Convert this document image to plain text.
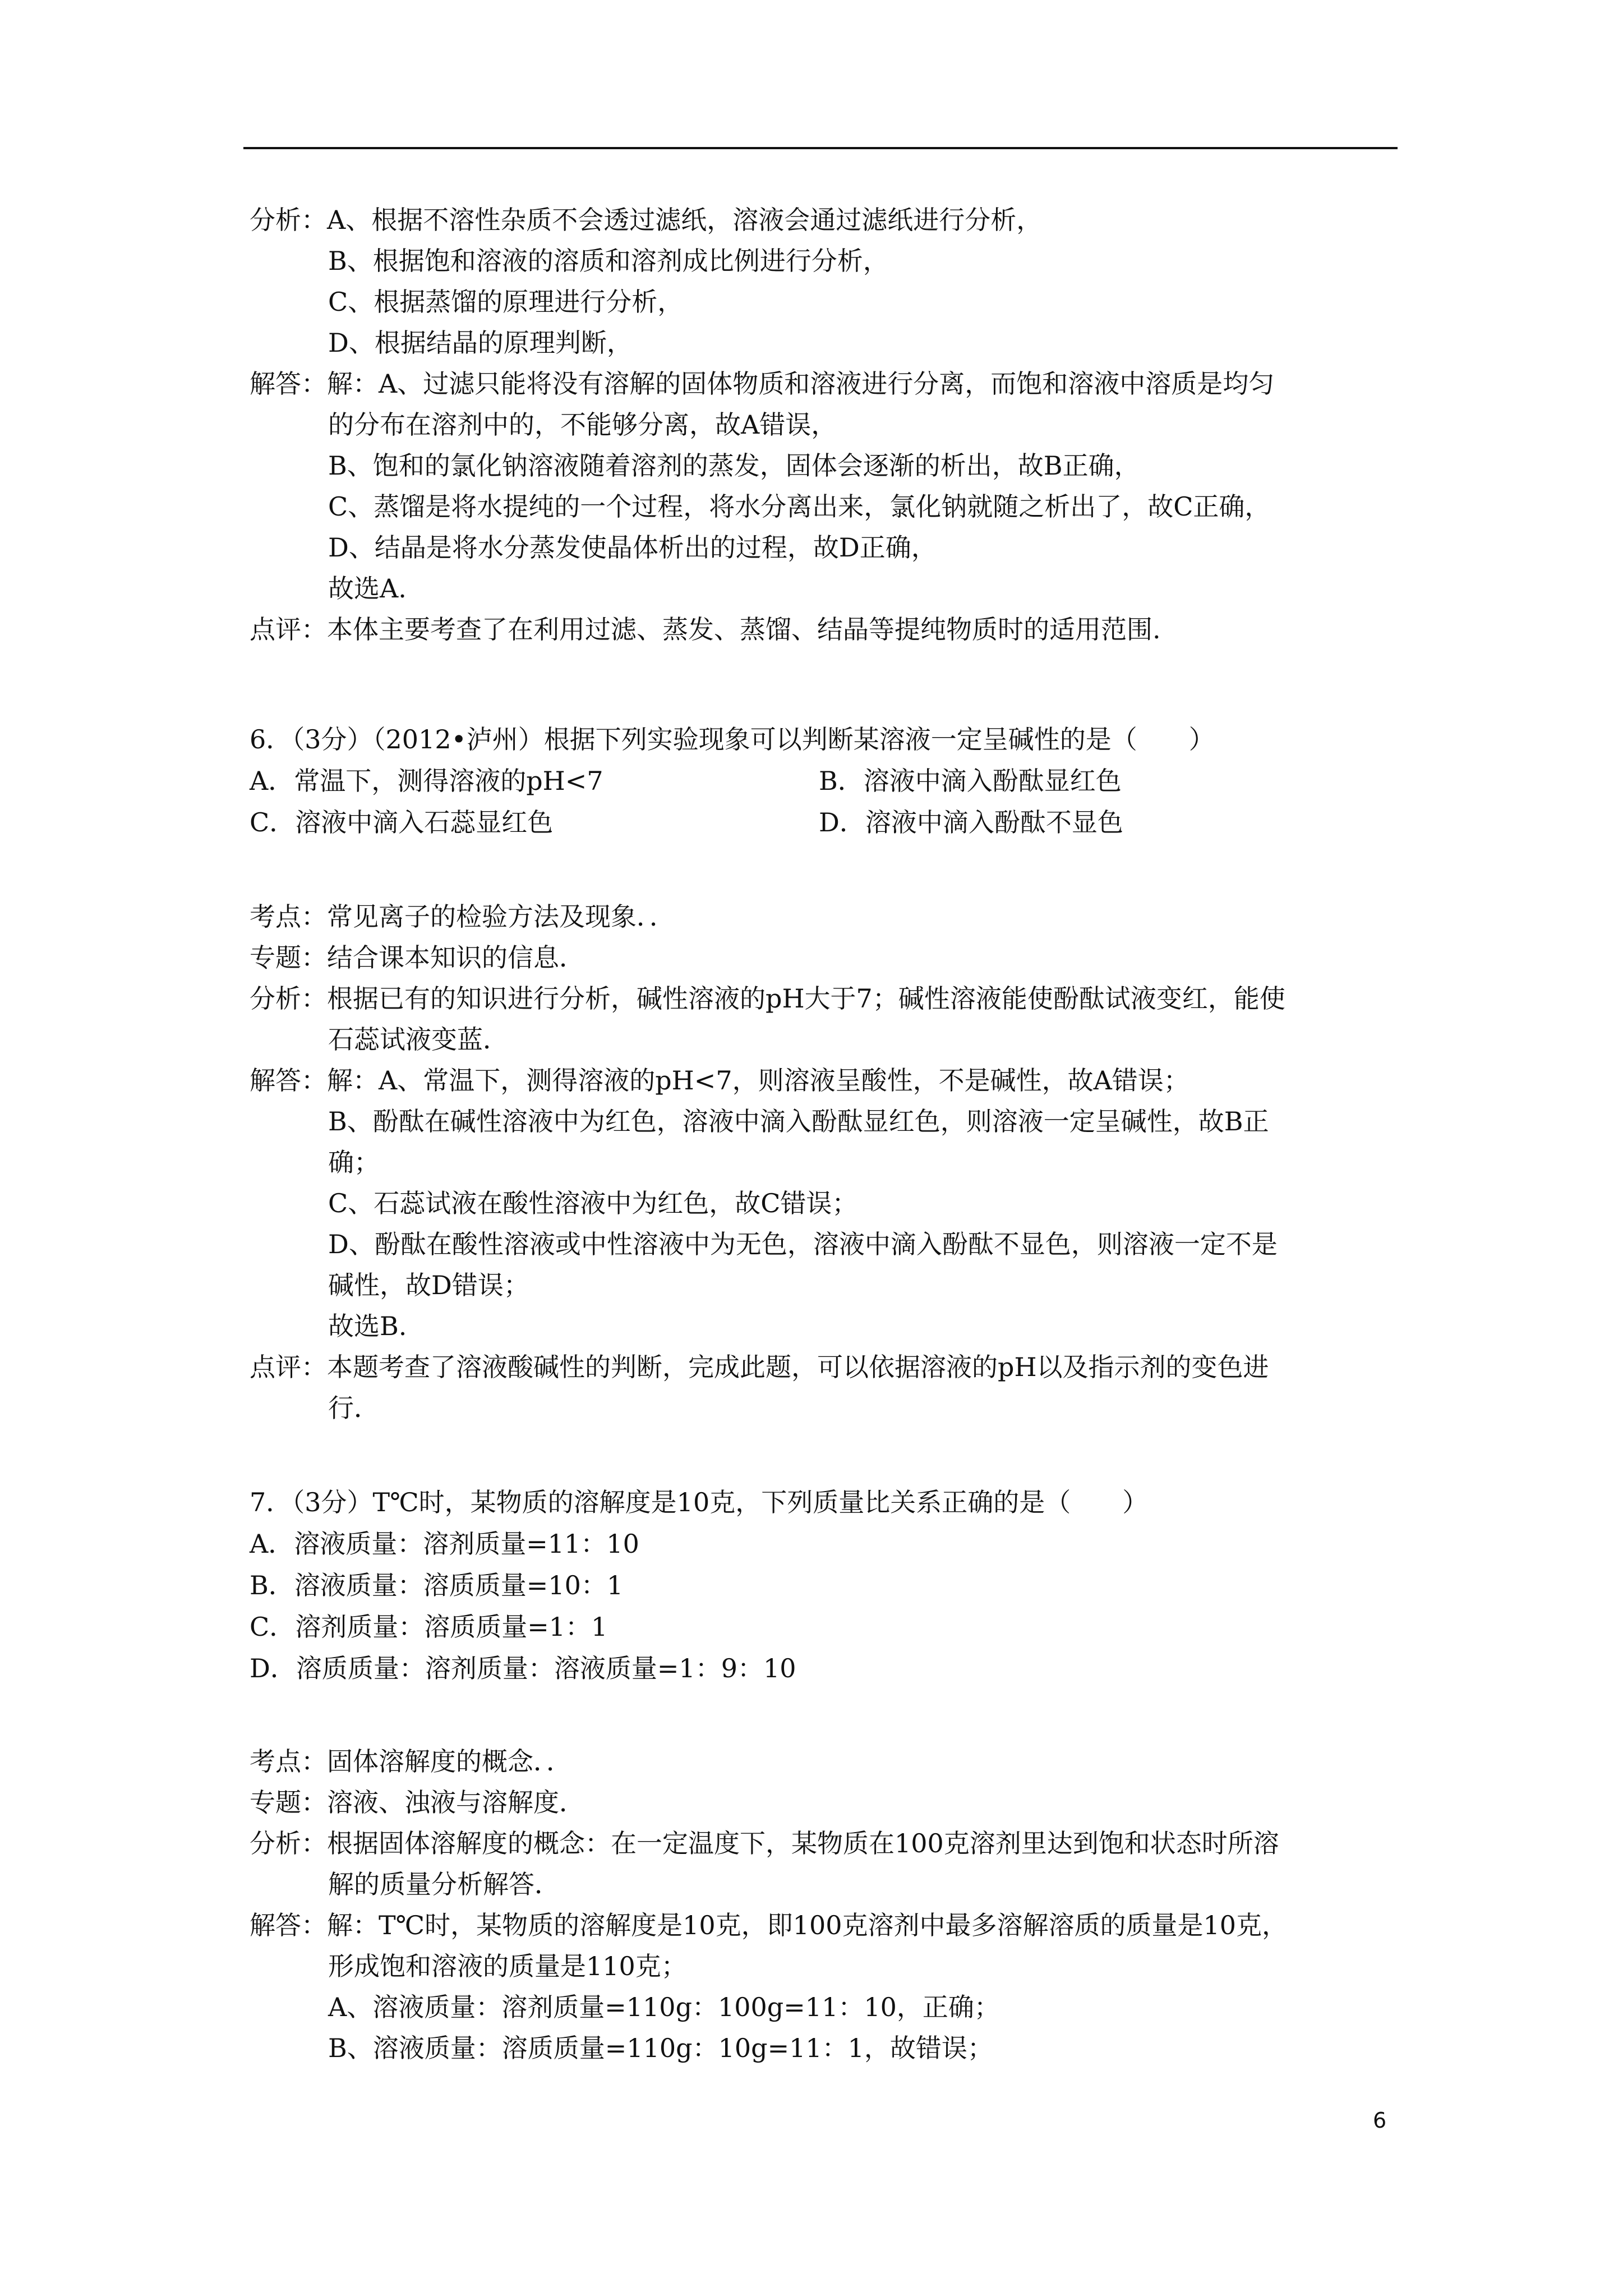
分析：A、根据不溶性杂质不会透过滤纸，溶液会通过滤纸进行分析，
B、根据饱和溶液的溶质和溶剂成比例进行分析，
C、根据蒸馏的原理进行分析，
D、根据结晶的原理判断，
解答：解：A、过滤只能将没有溶解的固体物质和溶液进行分离，而饱和溶液中溶质是均匀
的分布在溶剂中的，不能够分离，故A错误，
B、饱和的氯化钠溶液随着溶剂的蒸发，固体会逐渐的析出，故B正确，
C、蒸馏是将水提纯的一个过程，将水分离出来，氯化钠就随之析出了，故C正确，
D、结晶是将水分蒸发使晶体析出的过程，故D正确，
故选A.
点评：本体主要考查了在利用过滤、蒸发、蒸馏、结晶等提纯物质时的适用范围.
6．（3分）（2012•泸州）根据下列实验现象可以判断某溶液一定呈碱性的是（　　）
A．常温下，测得溶液的pH<7	B．溶液中滴入酚酞显红色
C．溶液中滴入石蕊显红色	D．溶液中滴入酚酞不显色
考点：常见离子的检验方法及现象．．
专题：结合课本知识的信息．
分析：根据已有的知识进行分析，碱性溶液的pH大于7；碱性溶液能使酚酞试液变红，能使
石蕊试液变蓝．
解答：解：A、常温下，测得溶液的pH<7，则溶液呈酸性，不是碱性，故A错误；
B、酚酞在碱性溶液中为红色，溶液中滴入酚酞显红色，则溶液一定呈碱性，故B正
确；
C、石蕊试液在酸性溶液中为红色，故C错误；
D、酚酞在酸性溶液或中性溶液中为无色，溶液中滴入酚酞不显色，则溶液一定不是
碱性，故D错误；
故选B.
点评：本题考查了溶液酸碱性的判断，完成此题，可以依据溶液的pH以及指示剂的变色进
行．
7．（3分）T℃时，某物质的溶解度是10克，下列质量比关系正确的是（　　）
A．溶液质量：溶剂质量=11：10
B．溶液质量：溶质质量=10：1
C．溶剂质量：溶质质量=1：1
D．溶质质量：溶剂质量：溶液质量=1：9：10
考点：固体溶解度的概念．．
专题：溶液、浊液与溶解度．
分析：根据固体溶解度的概念：在一定温度下，某物质在100克溶剂里达到饱和状态时所溶
解的质量分析解答．
解答：解：T℃时，某物质的溶解度是10克，即100克溶剂中最多溶解溶质的质量是10克，
形成饱和溶液的质量是110克；
A、溶液质量：溶剂质量=110g：100g=11：10，正确；
B、溶液质量：溶质质量=110g：10g=11：1，故错误；
6
